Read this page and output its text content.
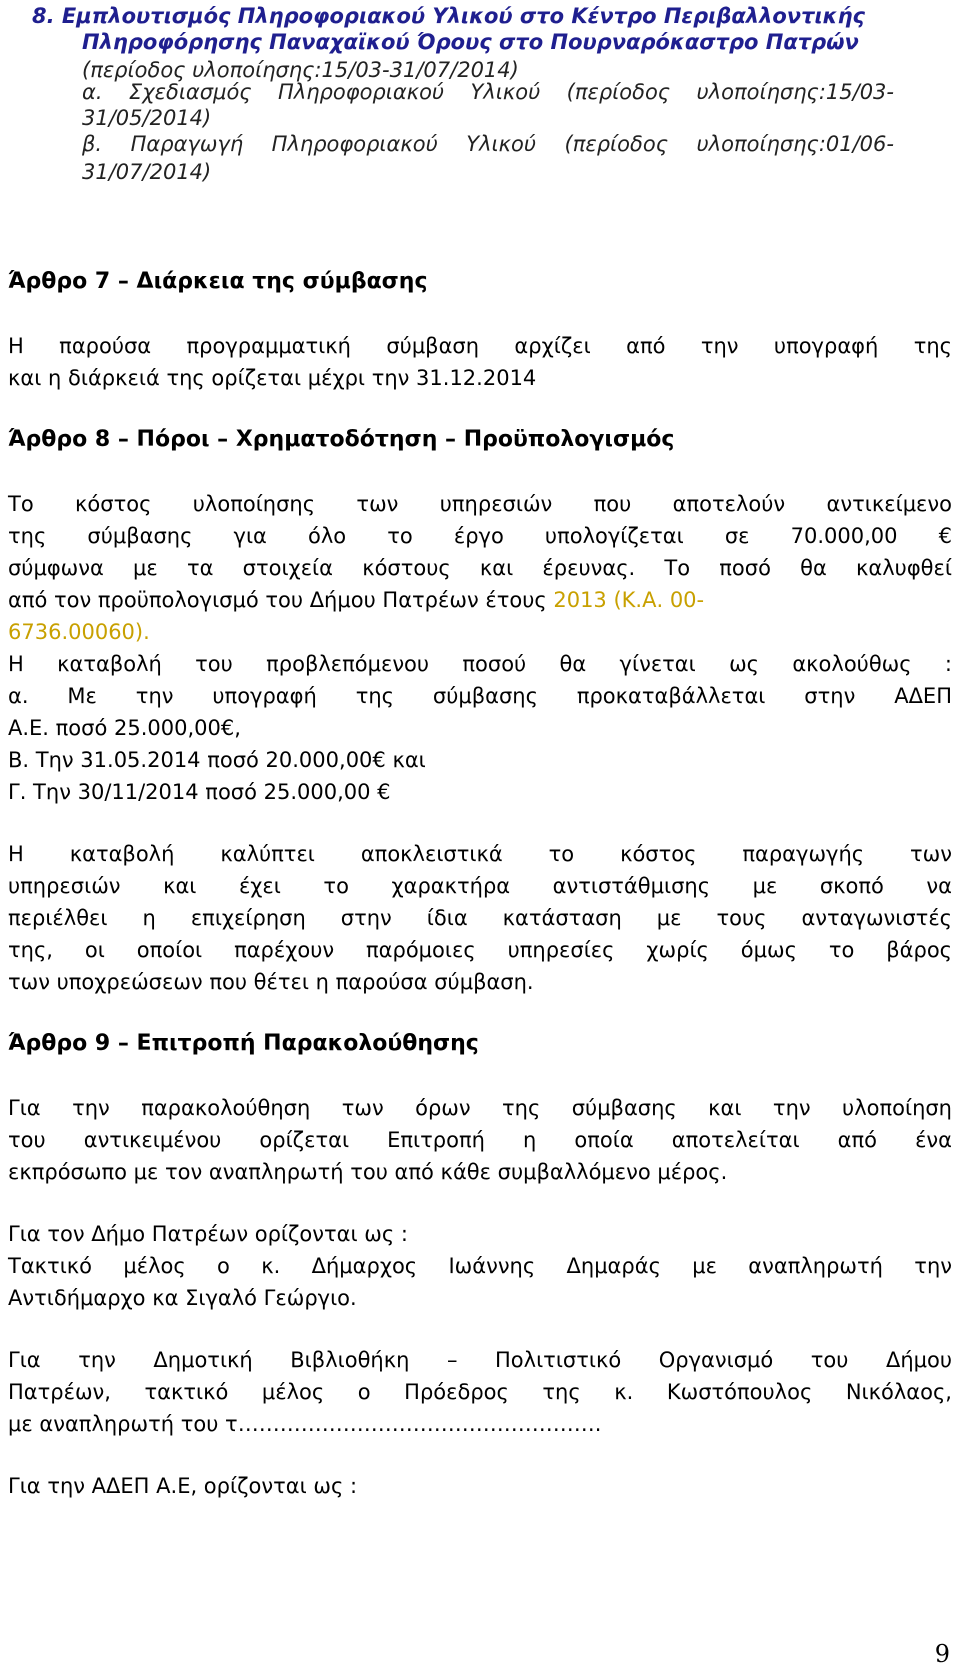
8. Εμπλουτισμός Πληροφοριακού Υλικού στο Κέντρο Περιβαλλοντικής
Πληροφόρησης Παναχαϊκού Όρους στο Πουρναρόκαστρο Πατρών
(περίοδος υλοποίησης:15/03-31/07/2014)
α. Σχεδιασμός Πληροφοριακού Υλικού (περίοδος υλοποίησης:15/03-
31/05/2014)
β. Παραγωγή Πληροφοριακού Υλικού (περίοδος υλοποίησης:01/06-
31/07/2014)
Άρθρο 7 – Διάρκεια της σύμβασης
Η παρούσα προγραμματική σύμβαση αρχίζει από την υπογραφή της
και η διάρκειά της ορίζεται μέχρι την 31.12.2014
Άρθρο 8 – Πόροι – Χρηματοδότηση – Προϋπολογισμός
Το κόστος υλοποίησης των υπηρεσιών που αποτελούν αντικείμενο
της σύμβασης για όλο το έργο υπολογίζεται σε 70.000,00 €
σύμφωνα με τα στοιχεία κόστους και έρευνας. Το ποσό θα καλυφθεί
από τον προϋπολογισμό του Δήμου Πατρέων έτους 2013 (Κ.Α. 00-
6736.00060).
Η καταβολή του προβλεπόμενου ποσού θα γίνεται ως ακολούθως :
α. Με την υπογραφή της σύμβασης προκαταβάλλεται στην ΑΔΕΠ
Α.Ε. ποσό 25.000,00€,
Β. Την 31.05.2014 ποσό 20.000,00€ και
Γ. Την 30/11/2014 ποσό 25.000,00 €
Η καταβολή καλύπτει αποκλειστικά το κόστος παραγωγής των
υπηρεσιών και έχει το χαρακτήρα αντιστάθμισης με σκοπό να
περιέλθει η επιχείρηση στην ίδια κατάσταση με τους ανταγωνιστές
της, οι οποίοι παρέχουν παρόμοιες υπηρεσίες χωρίς όμως το βάρος
των υποχρεώσεων που θέτει η παρούσα σύμβαση.
Άρθρο 9 – Επιτροπή Παρακολούθησης
Για την παρακολούθηση των όρων της σύμβασης και την υλοποίηση
του αντικειμένου ορίζεται Επιτροπή η οποία αποτελείται από ένα
εκπρόσωπο με τον αναπληρωτή του από κάθε συμβαλλόμενο μέρος.
Για τον Δήμο Πατρέων ορίζονται ως :
Τακτικό μέλος ο κ. Δήμαρχος Ιωάννης Δημαράς με αναπληρωτή την
Αντιδήμαρχο κα Σιγαλό Γεώργιο.
Για την Δημοτική Βιβλιοθήκη – Πολιτιστικό Οργανισμό του Δήμου
Πατρέων, τακτικό μέλος ο Πρόεδρος της κ. Κωστόπουλος Νικόλαος,
με αναπληρωτή του τ…………………………………………….
Για την ΑΔΕΠ Α.Ε, ορίζονται ως :
9
